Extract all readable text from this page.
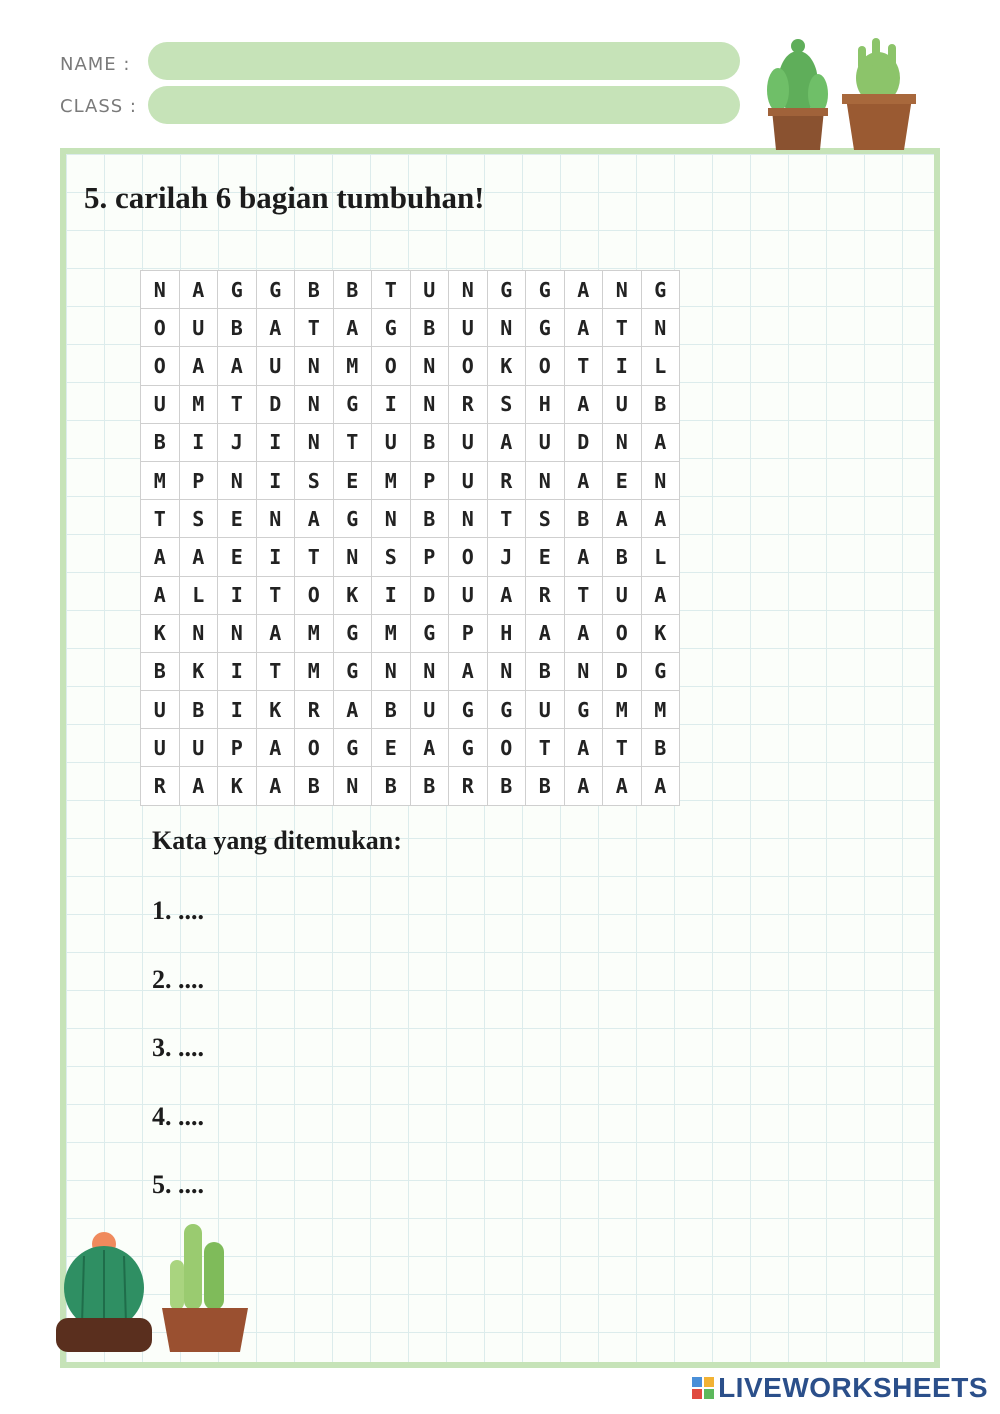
NAME :
CLASS :
5. carilah 6 bagian tumbuhan!
N	A	G	G	B	B	T	U	N	G	G	A	N	G
O	U	B	A	T	A	G	B	U	N	G	A	T	N
O	A	A	U	N	M	O	N	O	K	O	T	I	L
U	M	T	D	N	G	I	N	R	S	H	A	U	B
B	I	J	I	N	T	U	B	U	A	U	D	N	A
M	P	N	I	S	E	M	P	U	R	N	A	E	N
T	S	E	N	A	G	N	B	N	T	S	B	A	A
A	A	E	I	T	N	S	P	O	J	E	A	B	L
A	L	I	T	O	K	I	D	U	A	R	T	U	A
K	N	N	A	M	G	M	G	P	H	A	A	O	K
B	K	I	T	M	G	N	N	A	N	B	N	D	G
U	B	I	K	R	A	B	U	G	G	U	G	M	M
U	U	P	A	O	G	E	A	G	O	T	A	T	B
R	A	K	A	B	N	B	B	R	B	B	A	A	A
Kata yang ditemukan:
1. ....
2. ....
3. ....
4. ....
5. ....
LIVEWORKSHEETS
